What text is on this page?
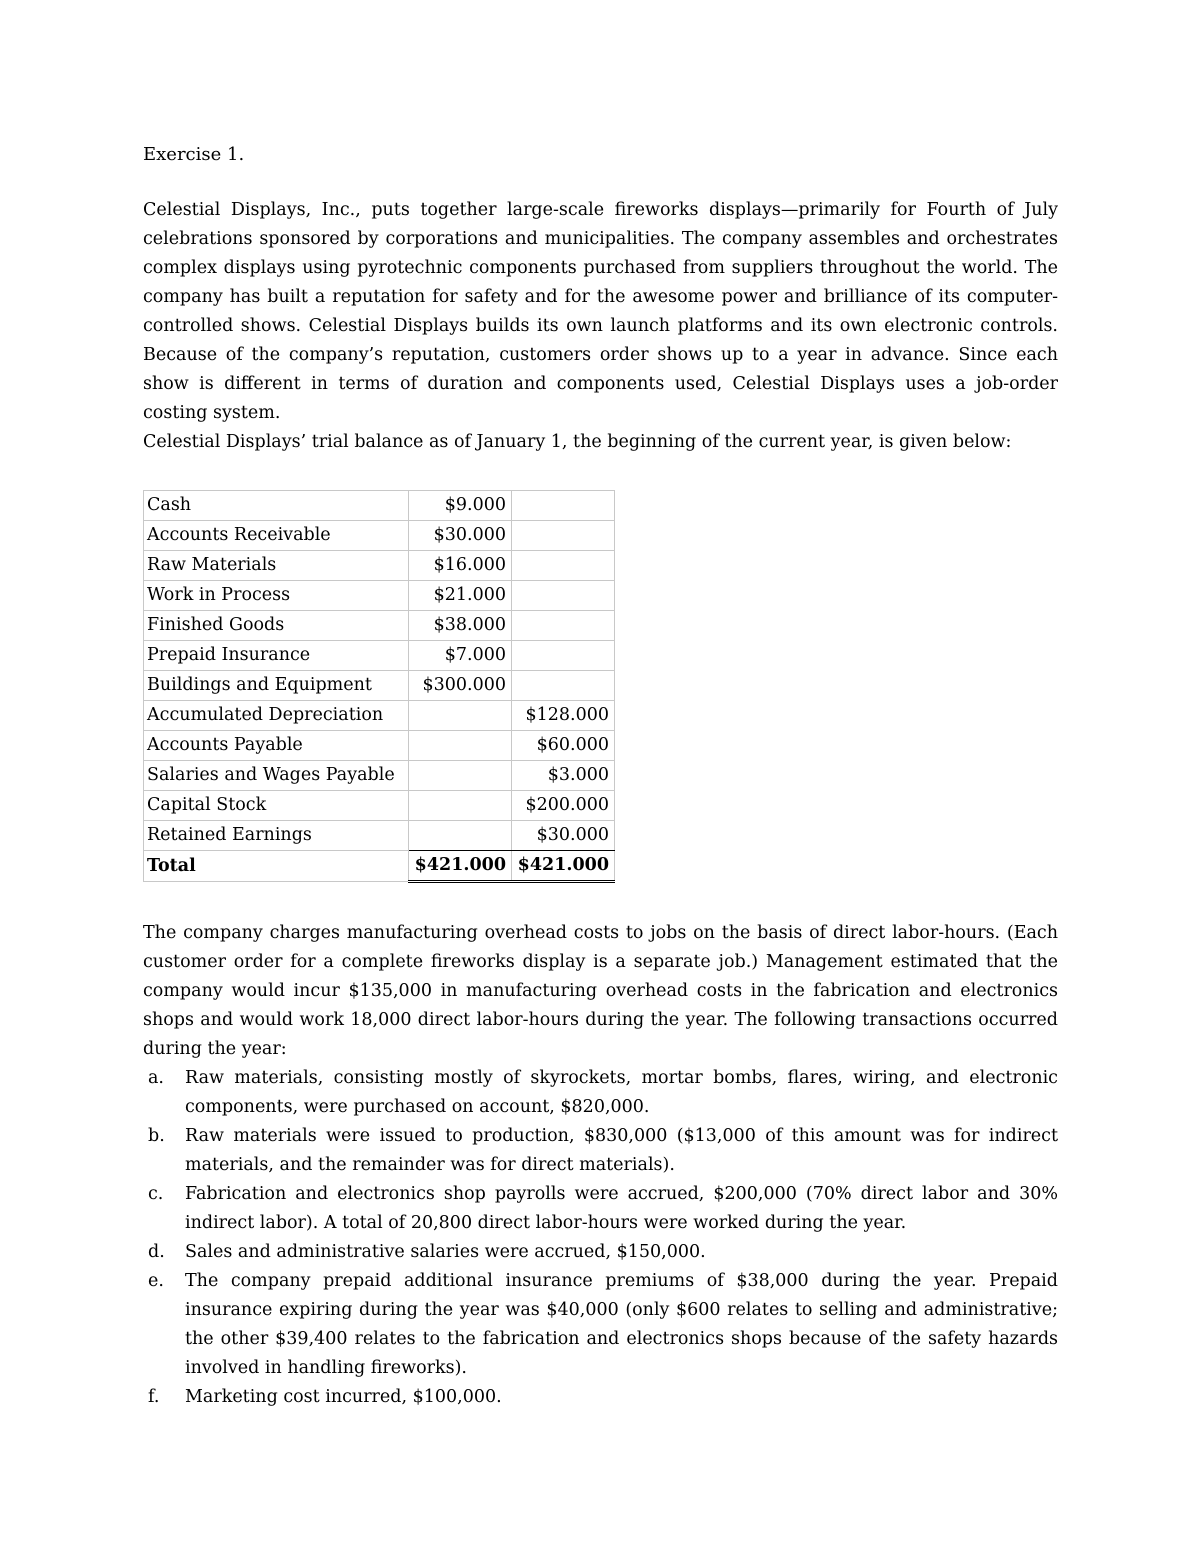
Exercise 1.

Celestial Displays, Inc., puts together large-scale fireworks displays—primarily for Fourth of July celebrations sponsored by corporations and municipalities. The company assembles and orchestrates complex displays using pyrotechnic components purchased from suppliers throughout the world. The company has built a reputation for safety and for the awesome power and brilliance of its computer-controlled shows. Celestial Displays builds its own launch platforms and its own electronic controls. Because of the company’s reputation, customers order shows up to a year in advance. Since each show is different in terms of duration and components used, Celestial Displays uses a job-order costing system.

Celestial Displays’ trial balance as of January 1, the beginning of the current year, is given below:

Cash	$9.000	
Accounts Receivable	$30.000	
Raw Materials	$16.000	
Work in Process	$21.000	
Finished Goods	$38.000	
Prepaid Insurance	$7.000	
Buildings and Equipment	$300.000	
Accumulated Depreciation		$128.000
Accounts Payable		$60.000
Salaries and Wages Payable		$3.000
Capital Stock		$200.000
Retained Earnings		$30.000
Total	$421.000	$421.000

The company charges manufacturing overhead costs to jobs on the basis of direct labor-hours. (Each customer order for a complete fireworks display is a separate job.) Management estimated that the company would incur $135,000 in manufacturing overhead costs in the fabrication and electronics shops and would work 18,000 direct labor-hours during the year. The following transactions occurred during the year:

a. Raw materials, consisting mostly of skyrockets, mortar bombs, flares, wiring, and electronic components, were purchased on account, $820,000.
b. Raw materials were issued to production, $830,000 ($13,000 of this amount was for indirect materials, and the remainder was for direct materials).
c. Fabrication and electronics shop payrolls were accrued, $200,000 (70% direct labor and 30% indirect labor). A total of 20,800 direct labor-hours were worked during the year.
d. Sales and administrative salaries were accrued, $150,000.
e. The company prepaid additional insurance premiums of $38,000 during the year. Prepaid insurance expiring during the year was $40,000 (only $600 relates to selling and administrative; the other $39,400 relates to the fabrication and electronics shops because of the safety hazards involved in handling fireworks).
f. Marketing cost incurred, $100,000.
